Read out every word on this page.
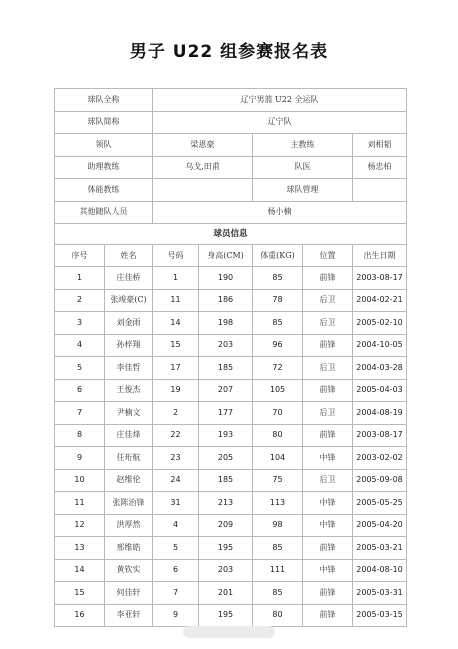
男子 U22 组参赛报名表
球队全称		辽宁男篮 U22 全运队				
球队简称		辽宁队				
领队		梁恩豪		主教练		刘相韬
助理教练		乌戈,田甫		队医		杨忠柏
体能教练				球队管理		
其他随队人员		杨小楠				
球员信息						
序号	姓名	号码	身高(CM)	体重(KG)	位置	出生日期
1	庄佳桥	1	190	85	前锋	2003-08-17
2	张竣豪(C)	11	186	78	后卫	2004-02-21
3	刘金雨	14	198	85	后卫	2005-02-10
4	孙梓翔	15	203	96	前锋	2004-10-05
5	李佳哲	17	185	72	后卫	2004-03-28
6	王俊杰	19	207	105	前锋	2005-04-03
7	尹楠文	2	177	70	后卫	2004-08-19
8	庄佳烽	22	193	80	前锋	2003-08-17
9	任珩航	23	205	104	中锋	2003-02-02
10	赵维伦	24	185	75	后卫	2005-09-08
11	张陈治锋	31	213	113	中锋	2005-05-25
12	洪厚然	4	209	98	中锋	2005-04-20
13	邢维皓	5	195	85	前锋	2005-03-21
14	黄钦实	6	203	111	中锋	2004-08-10
15	何佳轩	7	201	85	前锋	2005-03-31
16	李亚轩	9	195	80	前锋	2005-03-15
